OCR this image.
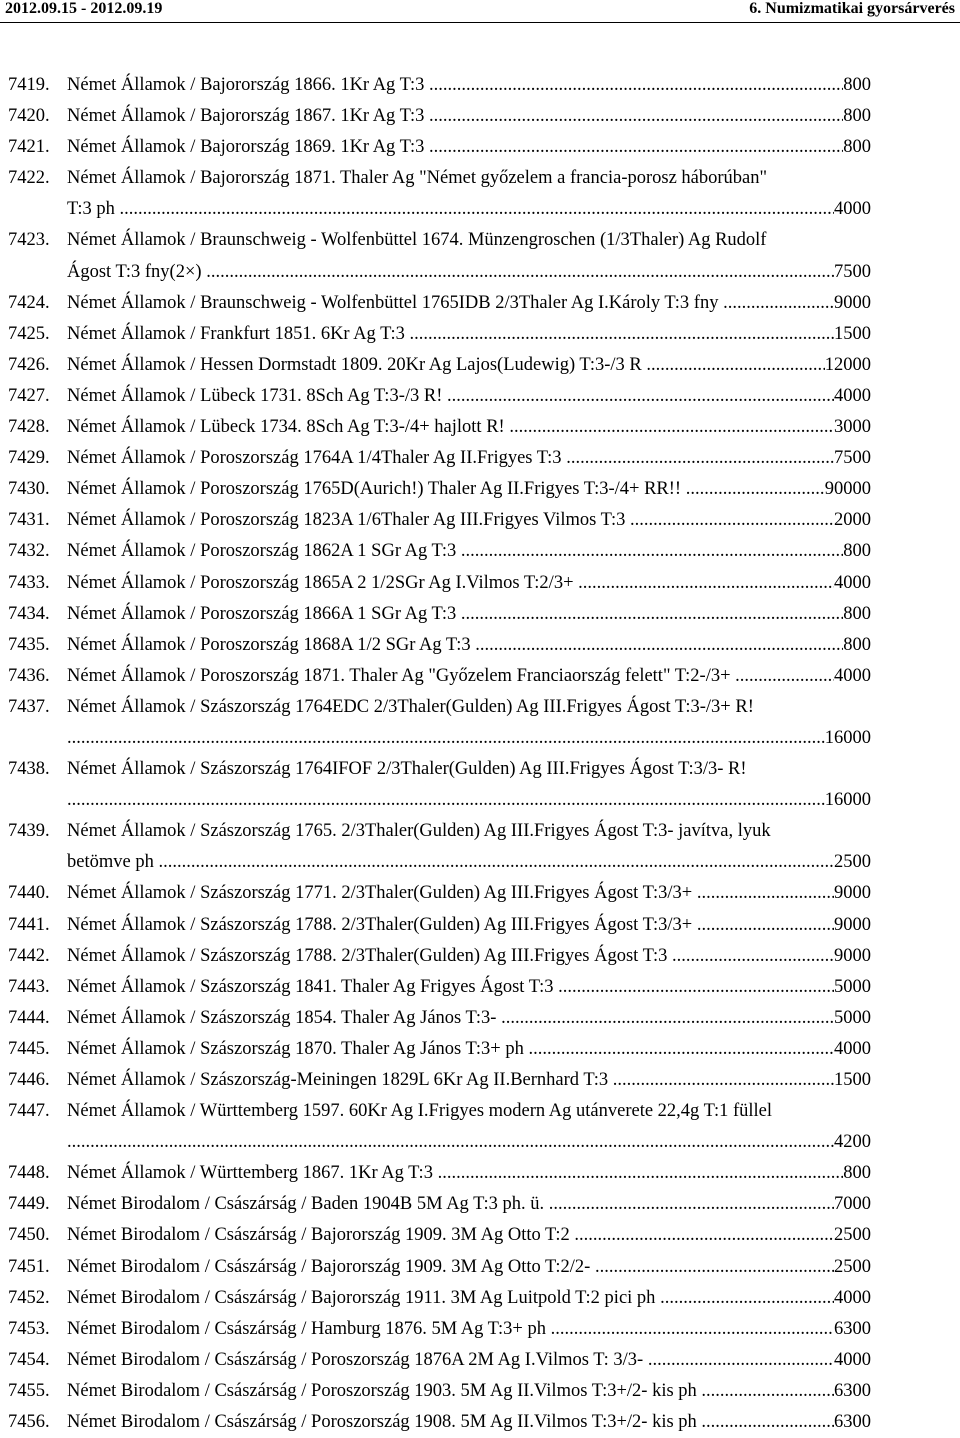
2012.09.15 - 2012.09.19	6. Numizmatikai gyorsárverés
7419. Német Államok / Bajorország 1866. 1Kr Ag T:3 .....	800
7420. Német Államok / Bajorország 1867. 1Kr Ag T:3 .....	800
7421. Német Államok / Bajorország 1869. 1Kr Ag T:3 .....	800
7422. Német Államok / Bajorország 1871. Thaler Ag "Német győzelem a francia-porosz háborúban"
T:3 ph .....	4000
7423. Német Államok / Braunschweig - Wolfenbüttel 1674. Münzengroschen (1/3Thaler) Ag Rudolf
Ágost T:3 fny(2×) .....	7500
7424. Német Államok / Braunschweig - Wolfenbüttel 1765IDB 2/3Thaler Ag I.Károly T:3 fny .....	9000
7425. Német Államok / Frankfurt 1851. 6Kr Ag T:3 .....	1500
7426. Német Államok / Hessen Dormstadt 1809. 20Kr Ag Lajos(Ludewig) T:3-/3 R .....	12000
7427. Német Államok / Lübeck 1731. 8Sch Ag T:3-/3 R! .....	4000
7428. Német Államok / Lübeck 1734. 8Sch Ag T:3-/4+ hajlott R! .....	3000
7429. Német Államok / Poroszország 1764A 1/4Thaler Ag II.Frigyes T:3 .....	7500
7430. Német Államok / Poroszország 1765D(Aurich!) Thaler Ag II.Frigyes T:3-/4+ RR!! .....	90000
7431. Német Államok / Poroszország 1823A 1/6Thaler Ag III.Frigyes Vilmos T:3 .....	2000
7432. Német Államok / Poroszország 1862A 1 SGr Ag T:3 .....	800
7433. Német Államok / Poroszország 1865A 2 1/2SGr Ag I.Vilmos T:2/3+ .....	4000
7434. Német Államok / Poroszország 1866A 1 SGr Ag T:3 .....	800
7435. Német Államok / Poroszország 1868A 1/2 SGr Ag T:3 .....	800
7436. Német Államok / Poroszország 1871. Thaler Ag "Győzelem Franciaország felett" T:2-/3+ .....	4000
7437. Német Államok / Szászország 1764EDC 2/3Thaler(Gulden) Ag III.Frigyes Ágost T:3-/3+ R!
.....
16000
7438. Német Államok / Szászország 1764IFOF 2/3Thaler(Gulden) Ag III.Frigyes Ágost T:3/3- R!
.....
16000
7439. Német Államok / Szászország 1765. 2/3Thaler(Gulden) Ag III.Frigyes Ágost T:3- javítva, lyuk
betömve ph .....	2500
7440. Német Államok / Szászország 1771. 2/3Thaler(Gulden) Ag III.Frigyes Ágost T:3/3+ .....	9000
7441. Német Államok / Szászország 1788. 2/3Thaler(Gulden) Ag III.Frigyes Ágost T:3/3+ .....	9000
7442. Német Államok / Szászország 1788. 2/3Thaler(Gulden) Ag III.Frigyes Ágost T:3 .....	9000
7443. Német Államok / Szászország 1841. Thaler Ag Frigyes Ágost T:3 .....	5000
7444. Német Államok / Szászország 1854. Thaler Ag János T:3- .....	5000
7445. Német Államok / Szászország 1870. Thaler Ag János T:3+ ph .....	4000
7446. Német Államok / Szászország-Meiningen 1829L 6Kr Ag II.Bernhard T:3 .....	1500
7447. Német Államok / Württemberg 1597. 60Kr Ag I.Frigyes modern Ag utánverete 22,4g T:1 füllel
.....
4200
7448. Német Államok / Württemberg 1867. 1Kr Ag T:3 .....	800
7449. Német Birodalom / Császárság / Baden 1904B 5M Ag T:3 ph. ü. .....	7000
7450. Német Birodalom / Császárság / Bajorország 1909. 3M Ag Otto T:2 .....	2500
7451. Német Birodalom / Császárság / Bajorország 1909. 3M Ag Otto T:2/2- .....	2500
7452. Német Birodalom / Császárság / Bajorország 1911. 3M Ag Luitpold T:2 pici ph .....	4000
7453. Német Birodalom / Császárság / Hamburg 1876. 5M Ag T:3+ ph .....	6300
7454. Német Birodalom / Császárság / Poroszország 1876A 2M Ag I.Vilmos T: 3/3- .....	4000
7455. Német Birodalom / Császárság / Poroszország 1903. 5M Ag II.Vilmos T:3+/2- kis ph .....	6300
7456. Német Birodalom / Császárság / Poroszország 1908. 5M Ag II.Vilmos T:3+/2- kis ph .....	6300
